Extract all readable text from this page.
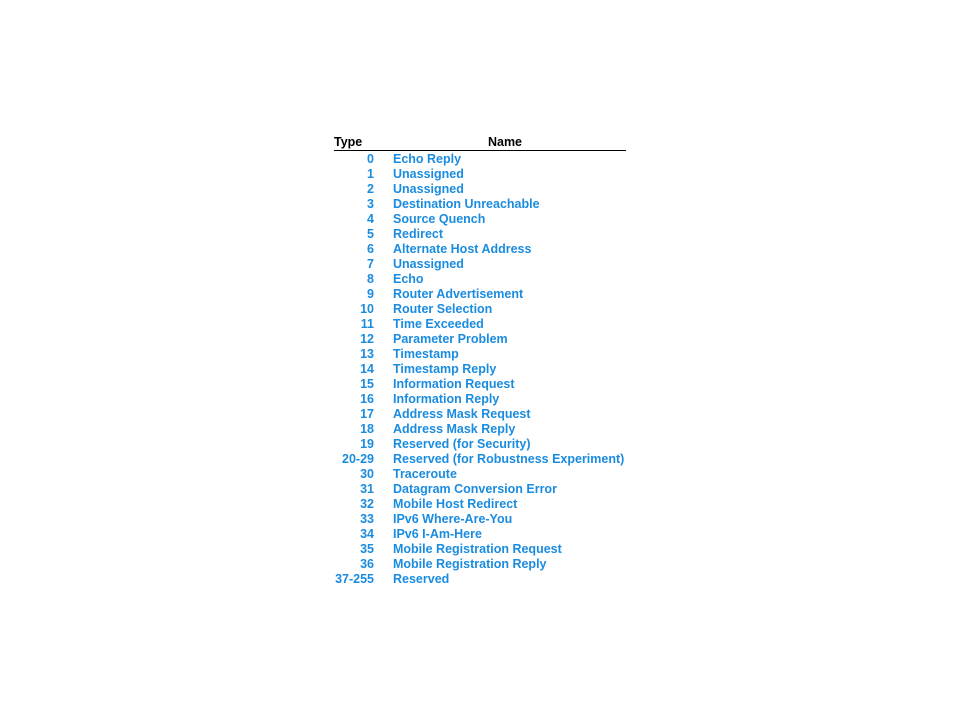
Type	Name
0	Echo Reply
1	Unassigned
2	Unassigned
3	Destination Unreachable
4	Source Quench
5	Redirect
6	Alternate Host Address
7	Unassigned
8	Echo
9	Router Advertisement
10	Router Selection
11	Time Exceeded
12	Parameter Problem
13	Timestamp
14	Timestamp Reply
15	Information Request
16	Information Reply
17	Address Mask Request
18	Address Mask Reply
19	Reserved (for Security)
20-29	Reserved (for Robustness Experiment)
30	Traceroute
31	Datagram Conversion Error
32	Mobile Host Redirect
33	IPv6 Where-Are-You
34	IPv6 I-Am-Here
35	Mobile Registration Request
36	Mobile Registration Reply
37-255	Reserved
